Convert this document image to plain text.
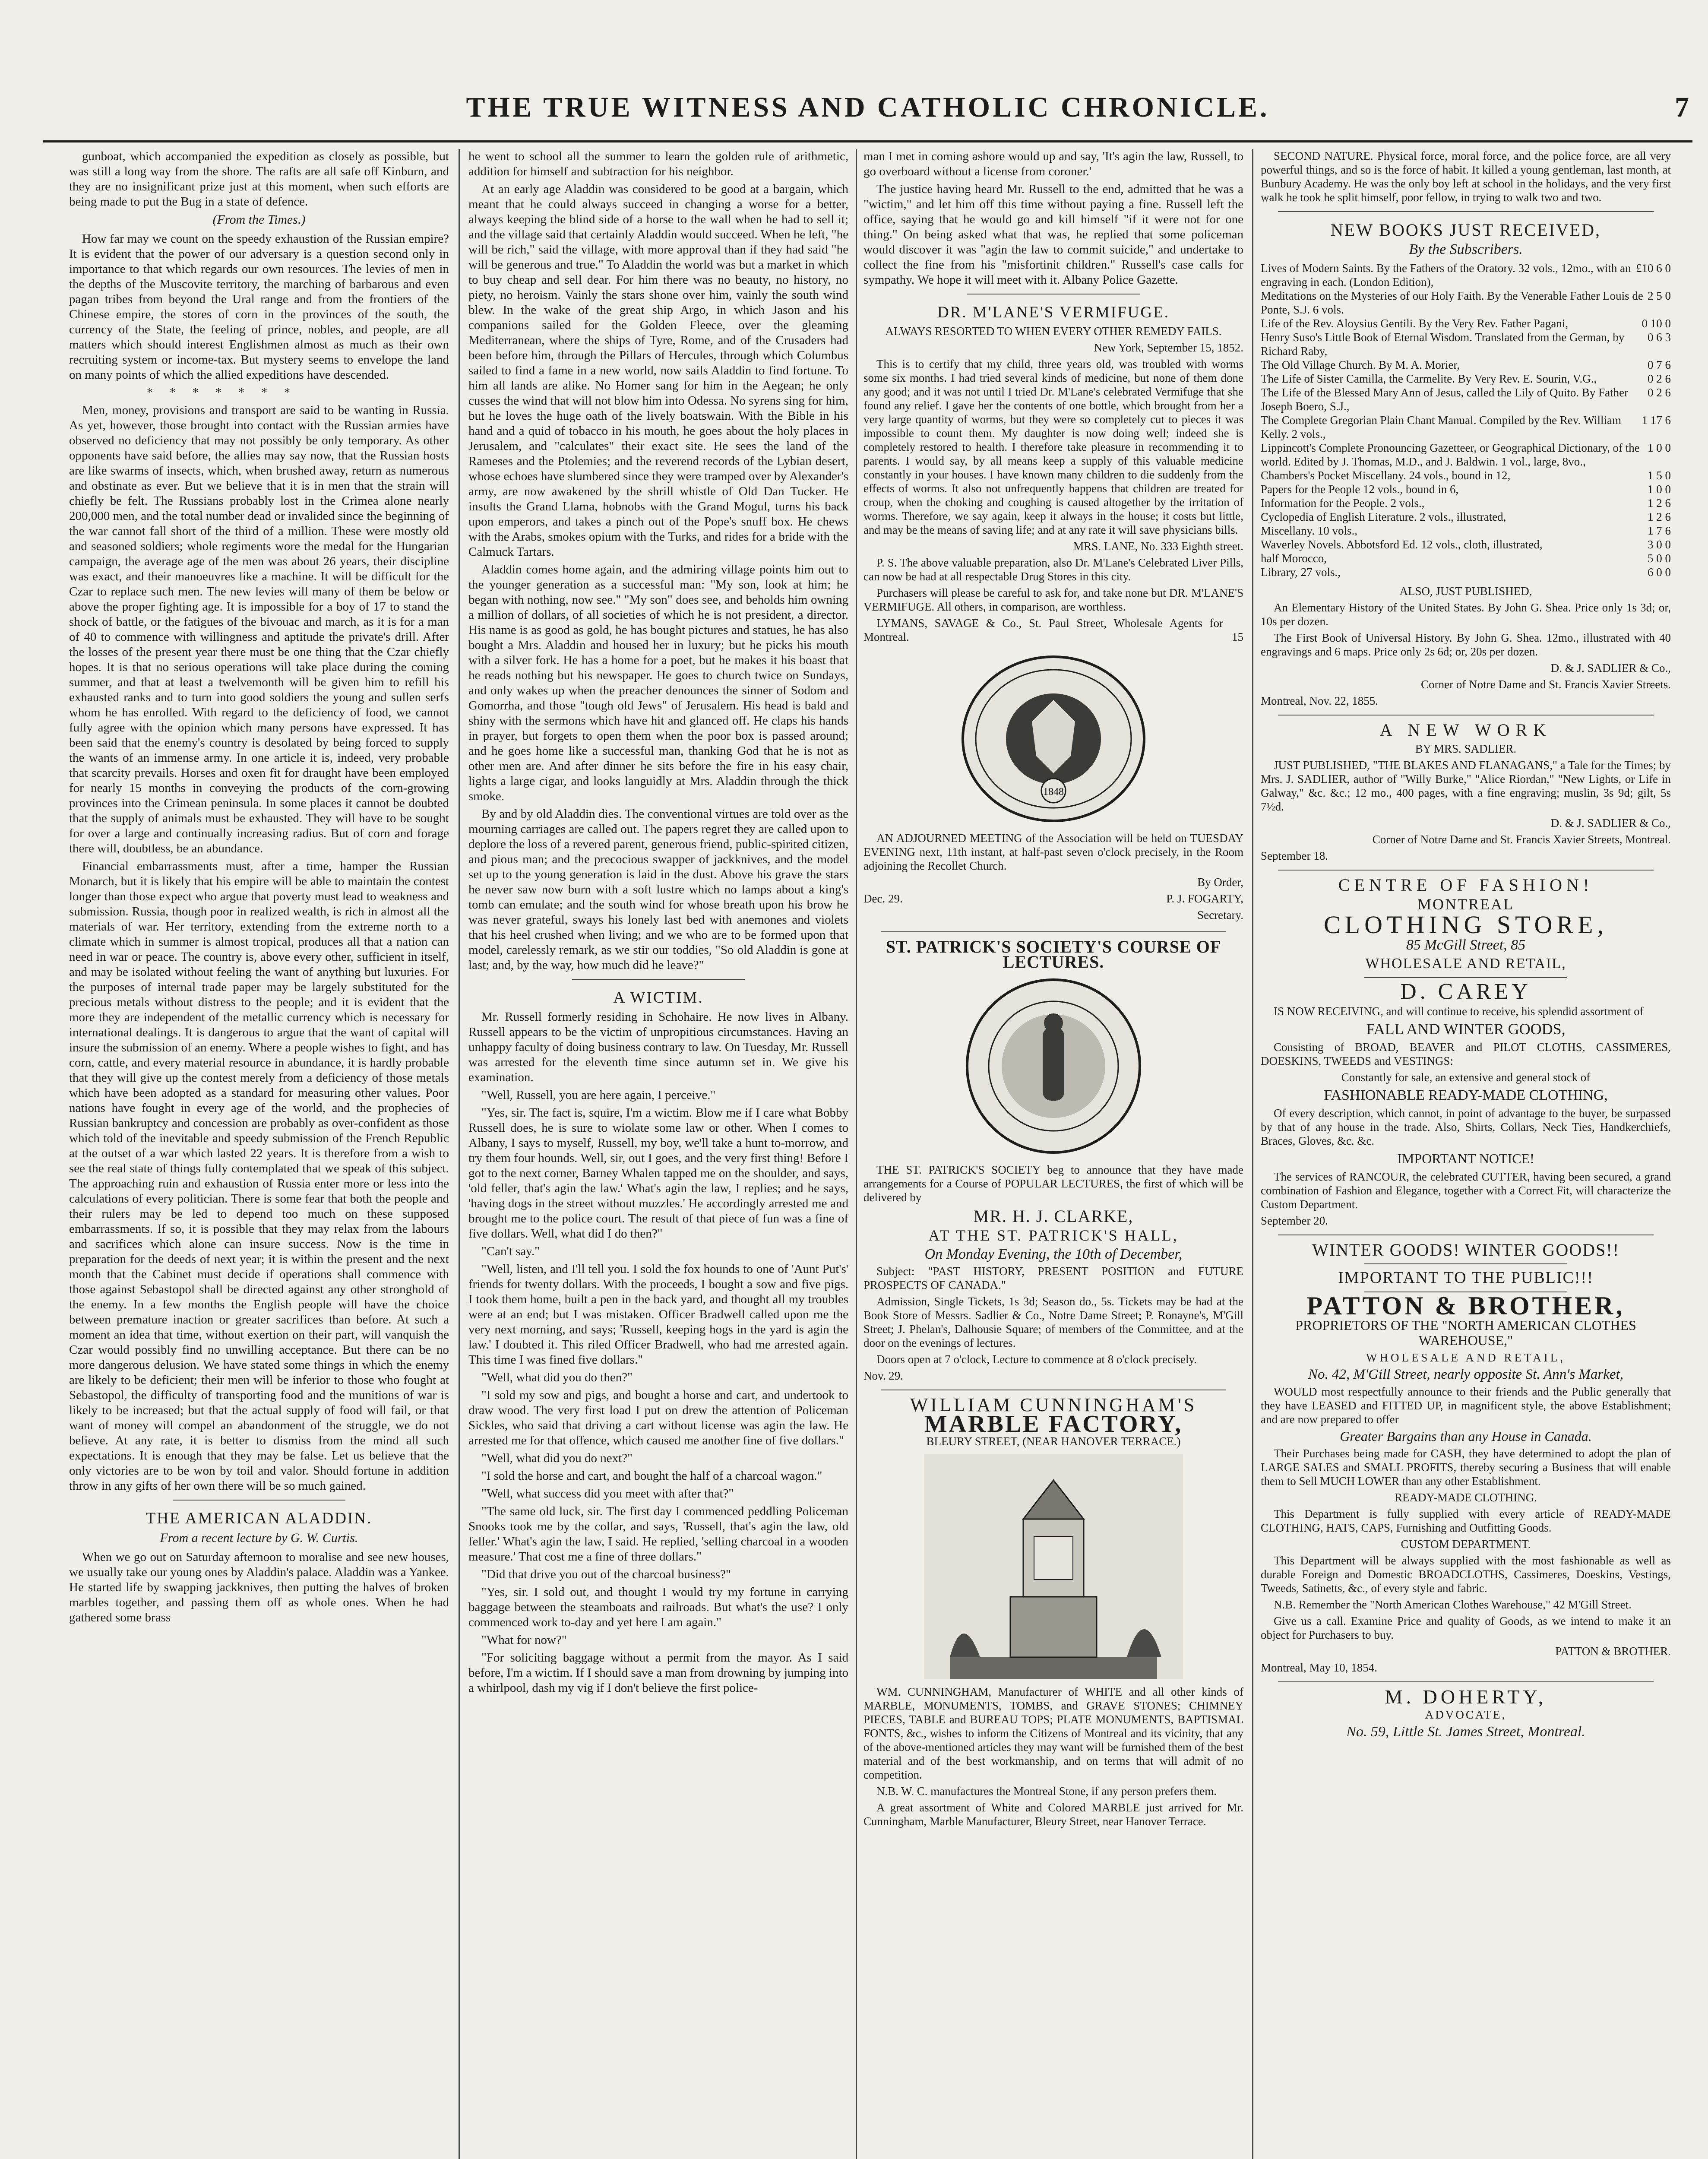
THE TRUE WITNESS AND CATHOLIC CHRONICLE.	7

gunboat, which accompanied the expedition as closely as possible, but was still a long way from the shore. The rafts are all safe off Kinburn, and they are no insignificant prize just at this moment, when such efforts are being made to put the Bug in a state of defence.

(From the Times.)

How far may we count on the speedy exhaustion of the Russian empire? It is evident that the power of our adversary is a question second only in importance to that which regards our own resources. The levies of men in the depths of the Muscovite territory, the marching of barbarous and even pagan tribes from beyond the Ural range and from the frontiers of the Chinese empire, the stores of corn in the provinces of the south, the currency of the State, the feeling of prince, nobles, and people, are all matters which should interest Englishmen almost as much as their own recruiting system or income-tax. But mystery seems to envelope the land on many points of which the allied expeditions have descended.

* * * * * * *

Men, money, provisions and transport are said to be wanting in Russia. As yet, however, those brought into contact with the Russian armies have observed no deficiency that may not possibly be only temporary. As other opponents have said before, the allies may say now, that the Russian hosts are like swarms of insects, which, when brushed away, return as numerous and obstinate as ever. But we believe that it is in men that the strain will chiefly be felt. The Russians probably lost in the Crimea alone nearly 200,000 men, and the total number dead or invalided since the beginning of the war cannot fall short of the third of a million. These were mostly old and seasoned soldiers; whole regiments wore the medal for the Hungarian campaign, the average age of the men was about 26 years, their discipline was exact, and their manoeuvres like a machine. It will be difficult for the Czar to replace such men. The new levies will many of them be below or above the proper fighting age. It is impossible for a boy of 17 to stand the shock of battle, or the fatigues of the bivouac and march, as it is for a man of 40 to commence with willingness and aptitude the private's drill. After the losses of the present year there must be one thing that the Czar chiefly hopes. It is that no serious operations will take place during the coming summer, and that at least a twelvemonth will be given him to refill his exhausted ranks and to turn into good soldiers the young and sullen serfs whom he has enrolled. With regard to the deficiency of food, we cannot fully agree with the opinion which many persons have expressed. It has been said that the enemy's country is desolated by being forced to supply the wants of an immense army. In one article it is, indeed, very probable that scarcity prevails. Horses and oxen fit for draught have been employed for nearly 15 months in conveying the products of the corn-growing provinces into the Crimean peninsula. In some places it cannot be doubted that the supply of animals must be exhausted. They will have to be sought for over a large and continually increasing radius. But of corn and forage there will, doubtless, be an abundance.

Financial embarrassments must, after a time, hamper the Russian Monarch, but it is likely that his empire will be able to maintain the contest longer than those expect who argue that poverty must lead to weakness and submission. Russia, though poor in realized wealth, is rich in almost all the materials of war. Her territory, extending from the extreme north to a climate which in summer is almost tropical, produces all that a nation can need in war or peace. The country is, above every other, sufficient in itself, and may be isolated without feeling the want of anything but luxuries. For the purposes of internal trade paper may be largely substituted for the precious metals without distress to the people; and it is evident that the more they are independent of the metallic currency which is necessary for international dealings. It is dangerous to argue that the want of capital will insure the submission of an enemy. Where a people wishes to fight, and has corn, cattle, and every material resource in abundance, it is hardly probable that they will give up the contest merely from a deficiency of those metals which have been adopted as a standard for measuring other values. Poor nations have fought in every age of the world, and the prophecies of Russian bankruptcy and concession are probably as over-confident as those which told of the inevitable and speedy submission of the French Republic at the outset of a war which lasted 22 years. It is therefore from a wish to see the real state of things fully contemplated that we speak of this subject. The approaching ruin and exhaustion of Russia enter more or less into the calculations of every politician. There is some fear that both the people and their rulers may be led to depend too much on these supposed embarrassments. If so, it is possible that they may relax from the labours and sacrifices which alone can insure success. Now is the time in preparation for the deeds of next year; it is within the present and the next month that the Cabinet must decide if operations shall commence with those against Sebastopol shall be directed against any other stronghold of the enemy. In a few months the English people will have the choice between premature inaction or greater sacrifices than before. At such a moment an idea that time, without exertion on their part, will vanquish the Czar would possibly find no unwilling acceptance. But there can be no more dangerous delusion. We have stated some things in which the enemy are likely to be deficient; their men will be inferior to those who fought at Sebastopol, the difficulty of transporting food and the munitions of war is likely to be increased; but that the actual supply of food will fail, or that want of money will compel an abandonment of the struggle, we do not believe. At any rate, it is better to dismiss from the mind all such expectations. It is enough that they may be false. Let us believe that the only victories are to be won by toil and valor. Should fortune in addition throw in any gifts of her own there will be so much gained.

THE AMERICAN ALADDIN.

From a recent lecture by G. W. Curtis.

When we go out on Saturday afternoon to moralise and see new houses, we usually take our young ones by Aladdin's palace. Aladdin was a Yankee. He started life by swapping jackknives, then putting the halves of broken marbles together, and passing them off as whole ones. When he had gathered some brass

he went to school all the summer to learn the golden rule of arithmetic, addition for himself and subtraction for his neighbor.

At an early age Aladdin was considered to be good at a bargain, which meant that he could always succeed in changing a worse for a better, always keeping the blind side of a horse to the wall when he had to sell it; and the village said that certainly Aladdin would succeed. When he left, "he will be rich," said the village, with more approval than if they had said "he will be generous and true." To Aladdin the world was but a market in which to buy cheap and sell dear. For him there was no beauty, no history, no piety, no heroism. Vainly the stars shone over him, vainly the south wind blew. In the wake of the great ship Argo, in which Jason and his companions sailed for the Golden Fleece, over the gleaming Mediterranean, where the ships of Tyre, Rome, and of the Crusaders had been before him, through the Pillars of Hercules, through which Columbus sailed to find a fame in a new world, now sails Aladdin to find fortune. To him all lands are alike. No Homer sang for him in the Aegean; he only cusses the wind that will not blow him into Odessa. No syrens sing for him, but he loves the huge oath of the lively boatswain. With the Bible in his hand and a quid of tobacco in his mouth, he goes about the holy places in Jerusalem, and "calculates" their exact site. He sees the land of the Rameses and the Ptolemies; and the reverend records of the Lybian desert, whose echoes have slumbered since they were tramped over by Alexander's army, are now awakened by the shrill whistle of Old Dan Tucker. He insults the Grand Llama, hobnobs with the Grand Mogul, turns his back upon emperors, and takes a pinch out of the Pope's snuff box. He chews with the Arabs, smokes opium with the Turks, and rides for a bride with the Calmuck Tartars.

Aladdin comes home again, and the admiring village points him out to the younger generation as a successful man: "My son, look at him; he began with nothing, now see." "My son" does see, and beholds him owning a million of dollars, of all societies of which he is not president, a director. His name is as good as gold, he has bought pictures and statues, he has also bought a Mrs. Aladdin and housed her in luxury; but he picks his mouth with a silver fork. He has a home for a poet, but he makes it his boast that he reads nothing but his newspaper. He goes to church twice on Sundays, and only wakes up when the preacher denounces the sinner of Sodom and Gomorrha, and those "tough old Jews" of Jerusalem. His head is bald and shiny with the sermons which have hit and glanced off. He claps his hands in prayer, but forgets to open them when the poor box is passed around; and he goes home like a successful man, thanking God that he is not as other men are. And after dinner he sits before the fire in his easy chair, lights a large cigar, and looks languidly at Mrs. Aladdin through the thick smoke.

By and by old Aladdin dies. The conventional virtues are told over as the mourning carriages are called out. The papers regret they are called upon to deplore the loss of a revered parent, generous friend, public-spirited citizen, and pious man; and the precocious swapper of jackknives, and the model set up to the young generation is laid in the dust. Above his grave the stars he never saw now burn with a soft lustre which no lamps about a king's tomb can emulate; and the south wind for whose breath upon his brow he was never grateful, sways his lonely last bed with anemones and violets that his heel crushed when living; and we who are to be formed upon that model, carelessly remark, as we stir our toddies, "So old Aladdin is gone at last; and, by the way, how much did he leave?"

A WICTIM.

Mr. Russell formerly residing in Schohaire. He now lives in Albany. Russell appears to be the victim of unpropitious circumstances. Having an unhappy faculty of doing business contrary to law. On Tuesday, Mr. Russell was arrested for the eleventh time since autumn set in. We give his examination.

"Well, Russell, you are here again, I perceive."

"Yes, sir. The fact is, squire, I'm a wictim. Blow me if I care what Bobby Russell does, he is sure to wiolate some law or other. When I comes to Albany, I says to myself, Russell, my boy, we'll take a hunt to-morrow, and try them four hounds. Well, sir, out I goes, and the very first thing! Before I got to the next corner, Barney Whalen tapped me on the shoulder, and says, 'old feller, that's agin the law.' What's agin the law, I replies; and he says, 'having dogs in the street without muzzles.' He accordingly arrested me and brought me to the police court. The result of that piece of fun was a fine of five dollars. Well, what did I do then?"

"Can't say."

"Well, listen, and I'll tell you. I sold the fox hounds to one of 'Aunt Put's' friends for twenty dollars. With the proceeds, I bought a sow and five pigs. I took them home, built a pen in the back yard, and thought all my troubles were at an end; but I was mistaken. Officer Bradwell called upon me the very next morning, and says; 'Russell, keeping hogs in the yard is agin the law.' I doubted it. This riled Officer Bradwell, who had me arrested again. This time I was fined five dollars."

"Well, what did you do then?"

"I sold my sow and pigs, and bought a horse and cart, and undertook to draw wood. The very first load I put on drew the attention of Policeman Sickles, who said that driving a cart without license was agin the law. He arrested me for that offence, which caused me another fine of five dollars."

"Well, what did you do next?"

"I sold the horse and cart, and bought the half of a charcoal wagon."

"Well, what success did you meet with after that?"

"The same old luck, sir. The first day I commenced peddling Policeman Snooks took me by the collar, and says, 'Russell, that's agin the law, old feller.' What's agin the law, I said. He replied, 'selling charcoal in a wooden measure.' That cost me a fine of three dollars."

"Did that drive you out of the charcoal business?"

"Yes, sir. I sold out, and thought I would try my fortune in carrying baggage between the steamboats and railroads. But what's the use? I only commenced work to-day and yet here I am again."

"What for now?"

"For soliciting baggage without a permit from the mayor. As I said before, I'm a wictim. If I should save a man from drowning by jumping into a whirlpool, dash my vig if I don't believe the first police-

man I met in coming ashore would up and say, 'It's agin the law, Russell, to go overboard without a license from coroner.'

The justice having heard Mr. Russell to the end, admitted that he was a "wictim," and let him off this time without paying a fine. Russell left the office, saying that he would go and kill himself "if it were not for one thing." On being asked what that was, he replied that some policeman would discover it was "agin the law to commit suicide," and undertake to collect the fine from his "misfortinit children." Russell's case calls for sympathy. We hope it will meet with it. Albany Police Gazette.

DR. M'LANE'S VERMIFUGE.

ALWAYS RESORTED TO WHEN EVERY OTHER REMEDY FAILS.

New York, September 15, 1852.

This is to certify that my child, three years old, was troubled with worms some six months. I had tried several kinds of medicine, but none of them done any good; and it was not until I tried Dr. M'Lane's celebrated Vermifuge that she found any relief. I gave her the contents of one bottle, which brought from her a very large quantity of worms, but they were so completely cut to pieces it was impossible to count them. My daughter is now doing well; indeed she is completely restored to health. I therefore take pleasure in recommending it to parents. I would say, by all means keep a supply of this valuable medicine constantly in your houses. I have known many children to die suddenly from the effects of worms. It also not unfrequently happens that children are treated for croup, when the choking and coughing is caused altogether by the irritation of worms. Therefore, we say again, keep it always in the house; it costs but little, and may be the means of saving life; and at any rate it will save physicians bills.

MRS. LANE, No. 333 Eighth street.

P. S. The above valuable preparation, also Dr. M'Lane's Celebrated Liver Pills, can now be had at all respectable Drug Stores in this city.

Purchasers will please be careful to ask for, and take none but DR. M'LANE'S VERMIFUGE. All others, in comparison, are worthless.

LYMANS, SAVAGE & Co., St. Paul Street, Wholesale Agents for Montreal.	15

1848

AN ADJOURNED MEETING of the Association will be held on TUESDAY EVENING next, 11th instant, at half-past seven o'clock precisely, in the Room adjoining the Recollet Church.

By Order,

Dec. 29.	P. J. FOGARTY,

Secretary.

ST. PATRICK'S SOCIETY'S COURSE OF LECTURES.

THE ST. PATRICK'S SOCIETY beg to announce that they have made arrangements for a Course of POPULAR LECTURES, the first of which will be delivered by

MR. H. J. CLARKE,

AT THE ST. PATRICK'S HALL,

On Monday Evening, the 10th of December,

Subject: "PAST HISTORY, PRESENT POSITION and FUTURE PROSPECTS OF CANADA."

Admission, Single Tickets, 1s 3d; Season do., 5s. Tickets may be had at the Book Store of Messrs. Sadlier & Co., Notre Dame Street; P. Ronayne's, M'Gill Street; J. Phelan's, Dalhousie Square; of members of the Committee, and at the door on the evenings of lectures.

Doors open at 7 o'clock, Lecture to commence at 8 o'clock precisely.

Nov. 29.

WILLIAM CUNNINGHAM'S

MARBLE FACTORY,

BLEURY STREET, (NEAR HANOVER TERRACE.)

WM. CUNNINGHAM, Manufacturer of WHITE and all other kinds of MARBLE, MONUMENTS, TOMBS, and GRAVE STONES; CHIMNEY PIECES, TABLE and BUREAU TOPS; PLATE MONUMENTS, BAPTISMAL FONTS, &c., wishes to inform the Citizens of Montreal and its vicinity, that any of the above-mentioned articles they may want will be furnished them of the best material and of the best workmanship, and on terms that will admit of no competition.

N.B. W. C. manufactures the Montreal Stone, if any person prefers them.

A great assortment of White and Colored MARBLE just arrived for Mr. Cunningham, Marble Manufacturer, Bleury Street, near Hanover Terrace.

SECOND NATURE. Physical force, moral force, and the police force, are all very powerful things, and so is the force of habit. It killed a young gentleman, last month, at Bunbury Academy. He was the only boy left at school in the holidays, and the very first walk he took he split himself, poor fellow, in trying to walk two and two.

NEW BOOKS JUST RECEIVED,

By the Subscribers.

Lives of Modern Saints. By the Fathers of the Oratory. 32 vols., 12mo., with an engraving in each. (London Edition),
£10 6 0
Meditations on the Mysteries of our Holy Faith. By the Venerable Father Louis de Ponte, S.J. 6 vols.
2 5 0
Life of the Rev. Aloysius Gentili. By the Very Rev. Father Pagani,	0 10 0
Henry Suso's Little Book of Eternal Wisdom. Translated from the German, by Richard Raby,
0 6 3
The Old Village Church. By M. A. Morier,	0 7 6
The Life of Sister Camilla, the Carmelite. By Very Rev. E. Sourin, V.G.,	0 2 6
The Life of the Blessed Mary Ann of Jesus, called the Lily of Quito. By Father Joseph Boero, S.J.,
0 2 6
The Complete Gregorian Plain Chant Manual. Compiled by the Rev. William Kelly. 2 vols.,
1 17 6
Lippincott's Complete Pronouncing Gazetteer, or Geographical Dictionary, of the world. Edited by J. Thomas, M.D., and J. Baldwin. 1 vol., large, 8vo.,
1 0 0
Chambers's Pocket Miscellany. 24 vols., bound in 12,	1 5 0
Papers for the People 12 vols., bound in 6,	1 0 0
Information for the People. 2 vols.,	1 2 6
Cyclopedia of English Literature. 2 vols., illustrated,	1 2 6
Miscellany. 10 vols.,	1 7 6
Waverley Novels. Abbotsford Ed. 12 vols., cloth, illustrated,	3 0 0
half Morocco,	5 0 0
Library, 27 vols.,	6 0 0

ALSO, JUST PUBLISHED,

An Elementary History of the United States. By John G. Shea. Price only 1s 3d; or, 10s per dozen.

The First Book of Universal History. By John G. Shea. 12mo., illustrated with 40 engravings and 6 maps. Price only 2s 6d; or, 20s per dozen.

D. & J. SADLIER & Co.,

Corner of Notre Dame and St. Francis Xavier Streets.

Montreal, Nov. 22, 1855.

A NEW WORK

BY MRS. SADLIER.

JUST PUBLISHED, "THE BLAKES AND FLANAGANS," a Tale for the Times; by Mrs. J. SADLIER, author of "Willy Burke," "Alice Riordan," "New Lights, or Life in Galway," &c. &c.; 12 mo., 400 pages, with a fine engraving; muslin, 3s 9d; gilt, 5s 7½d.

D. & J. SADLIER & Co.,

Corner of Notre Dame and St. Francis Xavier Streets, Montreal.

September 18.

CENTRE OF FASHION!

MONTREAL

CLOTHING STORE,

85 McGill Street, 85

WHOLESALE AND RETAIL,

D. CAREY

IS NOW RECEIVING, and will continue to receive, his splendid assortment of

FALL AND WINTER GOODS,

Consisting of BROAD, BEAVER and PILOT CLOTHS, CASSIMERES, DOESKINS, TWEEDS and VESTINGS:

Constantly for sale, an extensive and general stock of

FASHIONABLE READY-MADE CLOTHING,

Of every description, which cannot, in point of advantage to the buyer, be surpassed by that of any house in the trade. Also, Shirts, Collars, Neck Ties, Handkerchiefs, Braces, Gloves, &c. &c.

IMPORTANT NOTICE!

The services of RANCOUR, the celebrated CUTTER, having been secured, a grand combination of Fashion and Elegance, together with a Correct Fit, will characterize the Custom Department.

September 20.

WINTER GOODS! WINTER GOODS!!

IMPORTANT TO THE PUBLIC!!!

PATTON & BROTHER,

PROPRIETORS OF THE "NORTH AMERICAN CLOTHES WAREHOUSE,"

WHOLESALE AND RETAIL,

No. 42, M'Gill Street, nearly opposite St. Ann's Market,

WOULD most respectfully announce to their friends and the Public generally that they have LEASED and FITTED UP, in magnificent style, the above Establishment; and are now prepared to offer

Greater Bargains than any House in Canada.

Their Purchases being made for CASH, they have determined to adopt the plan of LARGE SALES and SMALL PROFITS, thereby securing a Business that will enable them to Sell MUCH LOWER than any other Establishment.

READY-MADE CLOTHING.

This Department is fully supplied with every article of READY-MADE CLOTHING, HATS, CAPS, Furnishing and Outfitting Goods.

CUSTOM DEPARTMENT.

This Department will be always supplied with the most fashionable as well as durable Foreign and Domestic BROADCLOTHS, Cassimeres, Doeskins, Vestings, Tweeds, Satinetts, &c., of every style and fabric.

N.B. Remember the "North American Clothes Warehouse," 42 M'Gill Street.

Give us a call. Examine Price and quality of Goods, as we intend to make it an object for Purchasers to buy.

PATTON & BROTHER.

Montreal, May 10, 1854.

M. DOHERTY,

ADVOCATE,

No. 59, Little St. James Street, Montreal.
